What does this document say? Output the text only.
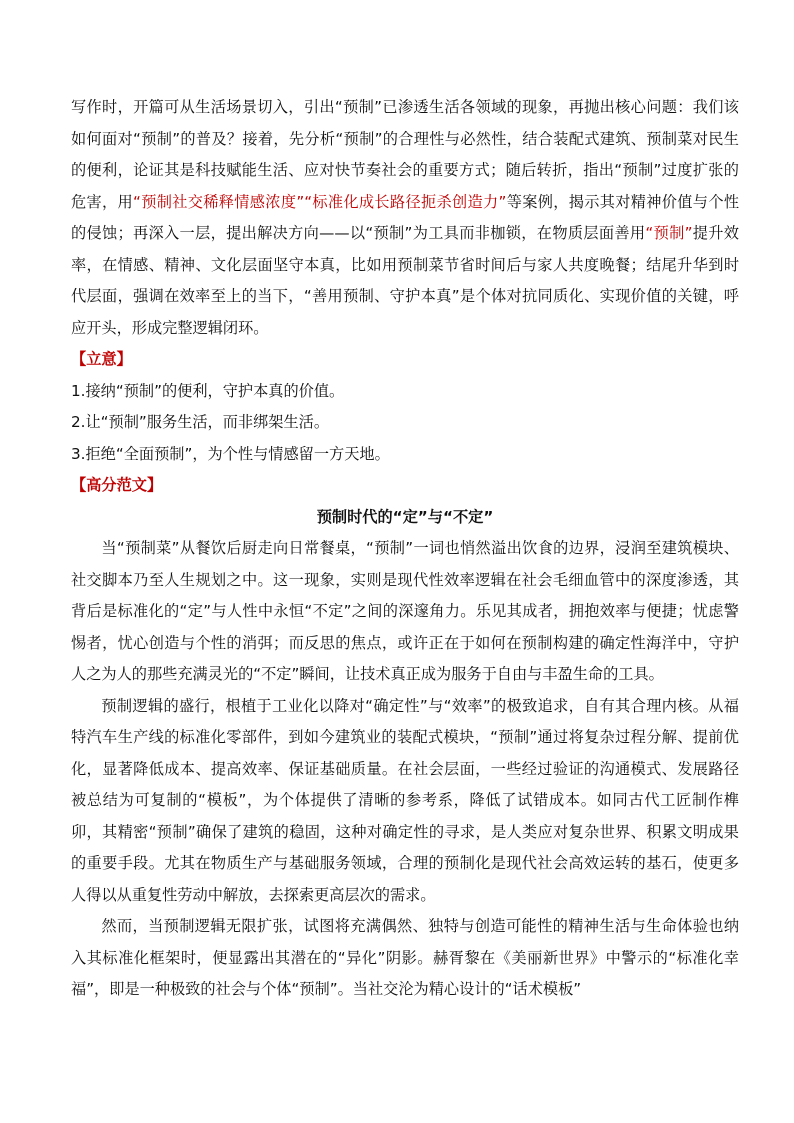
写作时，开篇可从生活场景切入，引出“预制”已渗透生活各领域的现象，再抛出核心问题：我们该如何面对“预制”的普及？接着，先分析“预制”的合理性与必然性，结合装配式建筑、预制菜对民生的便利，论证其是科技赋能生活、应对快节奏社会的重要方式；随后转折，指出“预制”过度扩张的危害，用“预制社交稀释情感浓度”“标准化成长路径扼杀创造力”等案例，揭示其对精神价值与个性的侵蚀；再深入一层，提出解决方向——以“预制”为工具而非枷锁，在物质层面善用“预制”提升效率，在情感、精神、文化层面坚守本真，比如用预制菜节省时间后与家人共度晚餐；结尾升华到时代层面，强调在效率至上的当下，“善用预制、守护本真”是个体对抗同质化、实现价值的关键，呼应开头，形成完整逻辑闭环。

【立意】

1.接纳“预制”的便利，守护本真的价值。

2.让“预制”服务生活，而非绑架生活。

3.拒绝“全面预制”，为个性与情感留一方天地。

【高分范文】

预制时代的“定”与“不定”

当“预制菜”从餐饮后厨走向日常餐桌，“预制”一词也悄然溢出饮食的边界，浸润至建筑模块、社交脚本乃至人生规划之中。这一现象，实则是现代性效率逻辑在社会毛细血管中的深度渗透，其背后是标准化的“定”与人性中永恒“不定”之间的深邃角力。乐见其成者，拥抱效率与便捷；忧虑警惕者，忧心创造与个性的消弭；而反思的焦点，或许正在于如何在预制构建的确定性海洋中，守护人之为人的那些充满灵光的“不定”瞬间，让技术真正成为服务于自由与丰盈生命的工具。

预制逻辑的盛行，根植于工业化以降对“确定性”与“效率”的极致追求，自有其合理内核。从福特汽车生产线的标准化零部件，到如今建筑业的装配式模块，“预制”通过将复杂过程分解、提前优化，显著降低成本、提高效率、保证基础质量。在社会层面，一些经过验证的沟通模式、发展路径被总结为可复制的“模板”，为个体提供了清晰的参考系，降低了试错成本。如同古代工匠制作榫卯，其精密“预制”确保了建筑的稳固，这种对确定性的寻求，是人类应对复杂世界、积累文明成果的重要手段。尤其在物质生产与基础服务领域，合理的预制化是现代社会高效运转的基石，使更多人得以从重复性劳动中解放，去探索更高层次的需求。

然而，当预制逻辑无限扩张，试图将充满偶然、独特与创造可能性的精神生活与生命体验也纳入其标准化框架时，便显露出其潜在的“异化”阴影。赫胥黎在《美丽新世界》中警示的“标准化幸福”，即是一种极致的社会与个体“预制”。当社交沦为精心设计的“话术模板”
